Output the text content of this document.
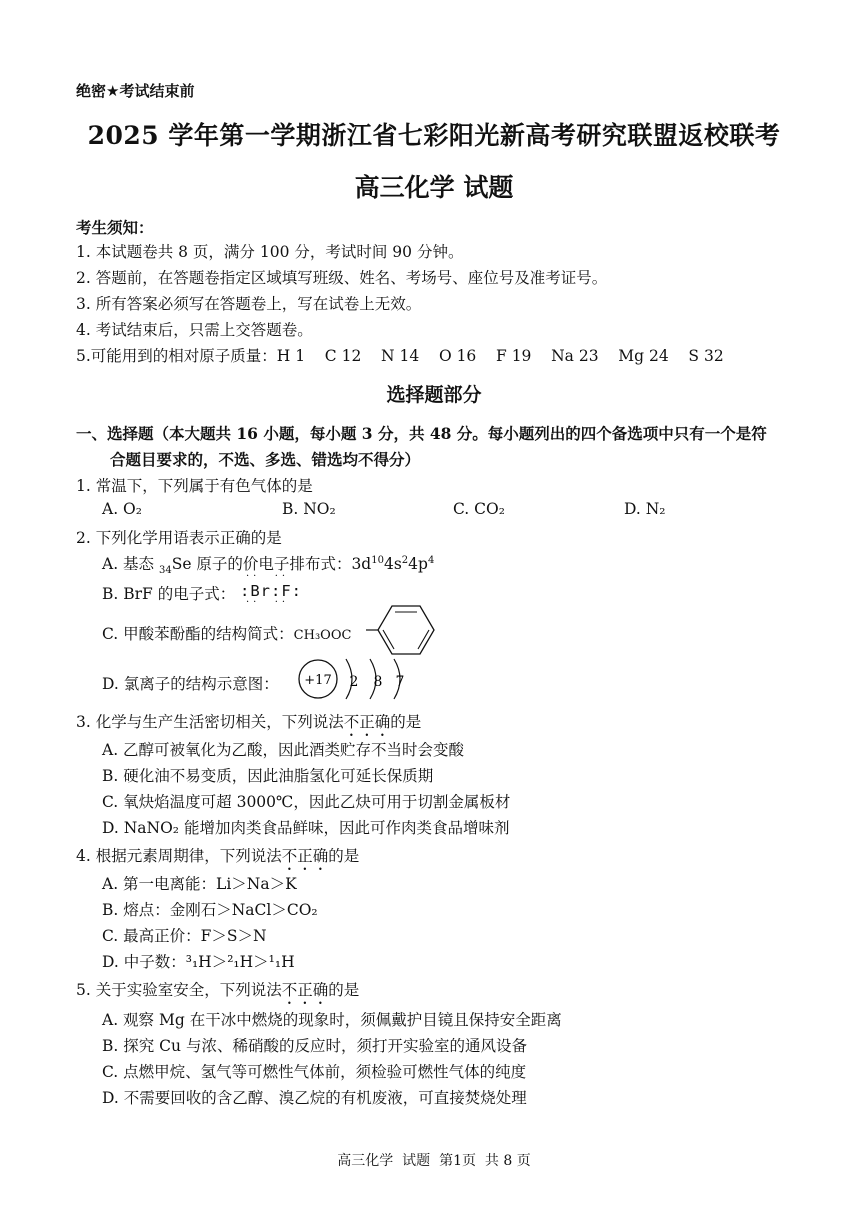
绝密★考试结束前
2025 学年第一学期浙江省七彩阳光新高考研究联盟返校联考
高三化学 试题
考生须知：
1. 本试题卷共 8 页，满分 100 分，考试时间 90 分钟。
2. 答题前，在答题卷指定区域填写班级、姓名、考场号、座位号及准考证号。
3. 所有答案必须写在答题卷上，写在试卷上无效。
4. 考试结束后，只需上交答题卷。
5.可能用到的相对原子质量：H 1    C 12    N 14    O 16    F 19    Na 23    Mg 24    S 32
选择题部分
一、选择题（本大题共 16 小题，每小题 3 分，共 48 分。每小题列出的四个备选项中只有一个是符
合题目要求的，不选、多选、错选均不得分）
1. 常温下，下列属于有色气体的是
A. O₂	B. NO₂	C. CO₂	D. N₂
2. 下列化学用语表示正确的是
A. 基态 $_{34}$Se 原子的价电子排布式：$3d^{10}4s^24p^4$
B. BrF 的电子式： :Br:F:
··  ··
··  ··
C. 甲酸苯酚酯的结构简式：CH₃OOC
D. 氯离子的结构示意图： +17 2 8 7
3. 化学与生产生活密切相关，下列说法不正确的是
A. 乙醇可被氧化为乙酸，因此酒类贮存不当时会变酸
B. 硬化油不易变质，因此油脂氢化可延长保质期
C. 氧炔焰温度可超 3000℃，因此乙炔可用于切割金属板材
D. NaNO₂ 能增加肉类食品鲜味，因此可作肉类食品增味剂
4. 根据元素周期律，下列说法不正确的是
A. 第一电离能：Li＞Na＞K
B. 熔点：金刚石＞NaCl＞CO₂
C. 最高正价：F＞S＞N
D. 中子数：³₁H＞²₁H＞¹₁H
5. 关于实验室安全，下列说法不正确的是
A. 观察 Mg 在干冰中燃烧的现象时，须佩戴护目镜且保持安全距离
B. 探究 Cu 与浓、稀硝酸的反应时，须打开实验室的通风设备
C. 点燃甲烷、氢气等可燃性气体前，须检验可燃性气体的纯度
D. 不需要回收的含乙醇、溴乙烷的有机废液，可直接焚烧处理
高三化学  试题  第1页  共 8 页
